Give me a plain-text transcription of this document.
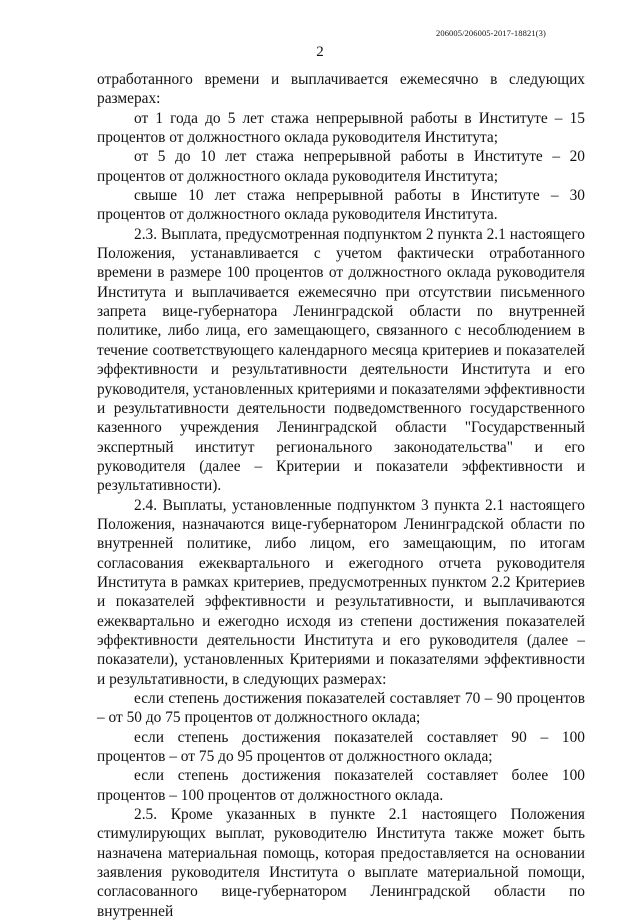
206005/206005-2017-18821(3)
2

отработанного времени и выплачивается ежемесячно в следующих размерах:

от 1 года до 5 лет стажа непрерывной работы в Институте – 15 процентов от должностного оклада руководителя Института;

от 5 до 10 лет стажа непрерывной работы в Институте – 20 процентов от должностного оклада руководителя Института;

свыше 10 лет стажа непрерывной работы в Институте – 30 процентов от должностного оклада руководителя Института.

2.3. Выплата, предусмотренная подпунктом 2 пункта 2.1 настоящего Положения, устанавливается с учетом фактически отработанного времени в размере 100 процентов от должностного оклада руководителя Института и выплачивается ежемесячно при отсутствии письменного запрета вице-губернатора Ленинградской области по внутренней политике, либо лица, его замещающего, связанного с несоблюдением в течение соответствующего календарного месяца критериев и показателей эффективности и результативности деятельности Института и его руководителя, установленных критериями и показателями эффективности и результативности деятельности подведомственного государственного казенного учреждения Ленинградской области "Государственный экспертный институт регионального законодательства" и его руководителя (далее – Критерии и показатели эффективности и результативности).

2.4. Выплаты, установленные подпунктом 3 пункта 2.1 настоящего Положения, назначаются вице-губернатором Ленинградской области по внутренней политике, либо лицом, его замещающим, по итогам согласования ежеквартального и ежегодного отчета руководителя Института в рамках критериев, предусмотренных пунктом 2.2 Критериев и показателей эффективности и результативности, и выплачиваются ежеквартально и ежегодно исходя из степени достижения показателей эффективности деятельности Института и его руководителя (далее – показатели), установленных Критериями и показателями эффективности и результативности, в следующих размерах:

если степень достижения показателей составляет 70 – 90 процентов – от 50 до 75 процентов от должностного оклада;

если степень достижения показателей составляет 90 – 100 процентов – от 75 до 95 процентов от должностного оклада;

если степень достижения показателей составляет более 100 процентов – 100 процентов от должностного оклада.

2.5. Кроме указанных в пункте 2.1 настоящего Положения стимулирующих выплат, руководителю Института также может быть назначена материальная помощь, которая предоставляется на основании заявления руководителя Института о выплате материальной помощи, согласованного вице-губернатором Ленинградской области по внутренней
